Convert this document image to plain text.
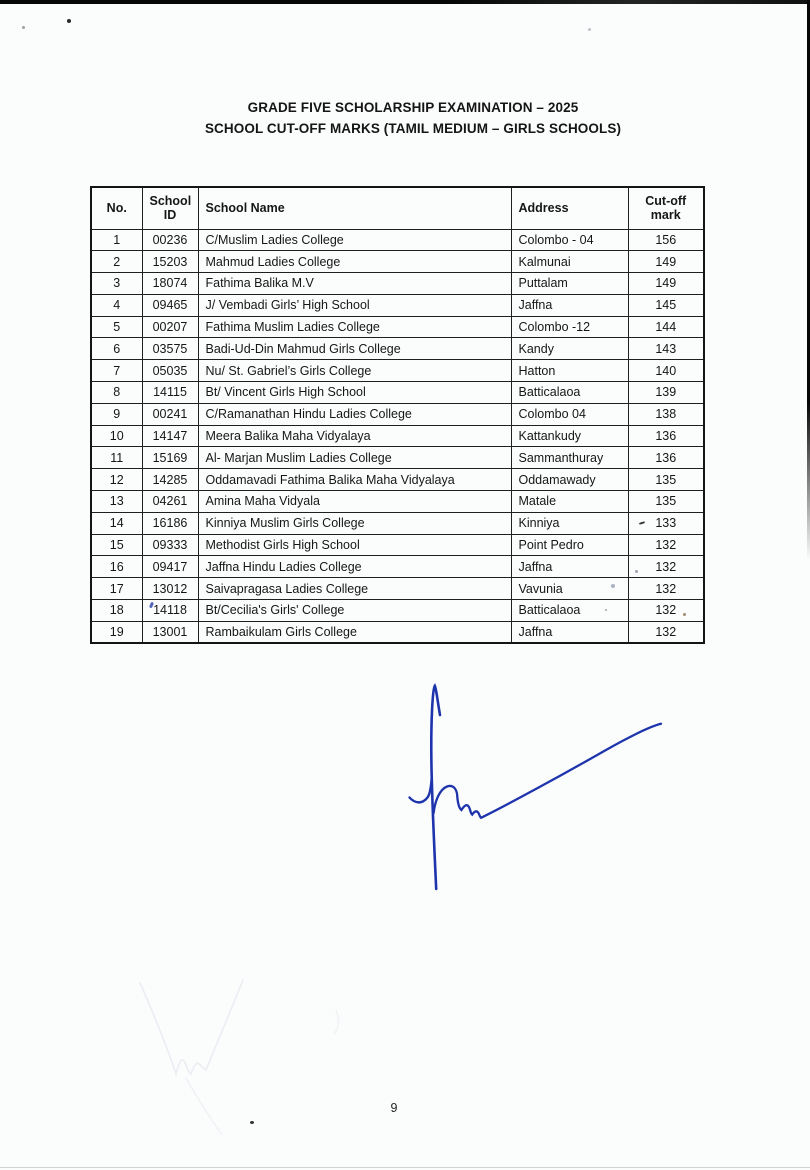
GRADE FIVE SCHOLARSHIP EXAMINATION – 2025
SCHOOL CUT-OFF MARKS (TAMIL MEDIUM – GIRLS SCHOOLS)
No.	School ID	School Name	Address	Cut-off mark
1	00236	C/Muslim Ladies College	Colombo - 04	156
2	15203	Mahmud Ladies College	Kalmunai	149
3	18074	Fathima Balika M.V	Puttalam	149
4	09465	J/ Vembadi Girls’ High School	Jaffna	145
5	00207	Fathima Muslim Ladies College	Colombo -12	144
6	03575	Badi-Ud-Din Mahmud Girls College	Kandy	143
7	05035	Nu/ St. Gabriel’s Girls College	Hatton	140
8	14115	Bt/ Vincent Girls High School	Batticalaoa	139
9	00241	C/Ramanathan Hindu Ladies College	Colombo 04	138
10	14147	Meera Balika Maha Vidyalaya	Kattankudy	136
11	15169	Al- Marjan Muslim Ladies College	Sammanthuray	136
12	14285	Oddamavadi Fathima Balika Maha Vidyalaya	Oddamawady	135
13	04261	Amina Maha Vidyala	Matale	135
14	16186	Kinniya Muslim Girls College	Kinniya	133
15	09333	Methodist Girls High School	Point Pedro	132
16	09417	Jaffna Hindu Ladies College	Jaffna	132
17	13012	Saivapragasa Ladies College	Vavunia	132
18	14118	Bt/Cecilia's Girls' College	Batticalaoa	132
19	13001	Rambaikulam Girls College	Jaffna	132
9
